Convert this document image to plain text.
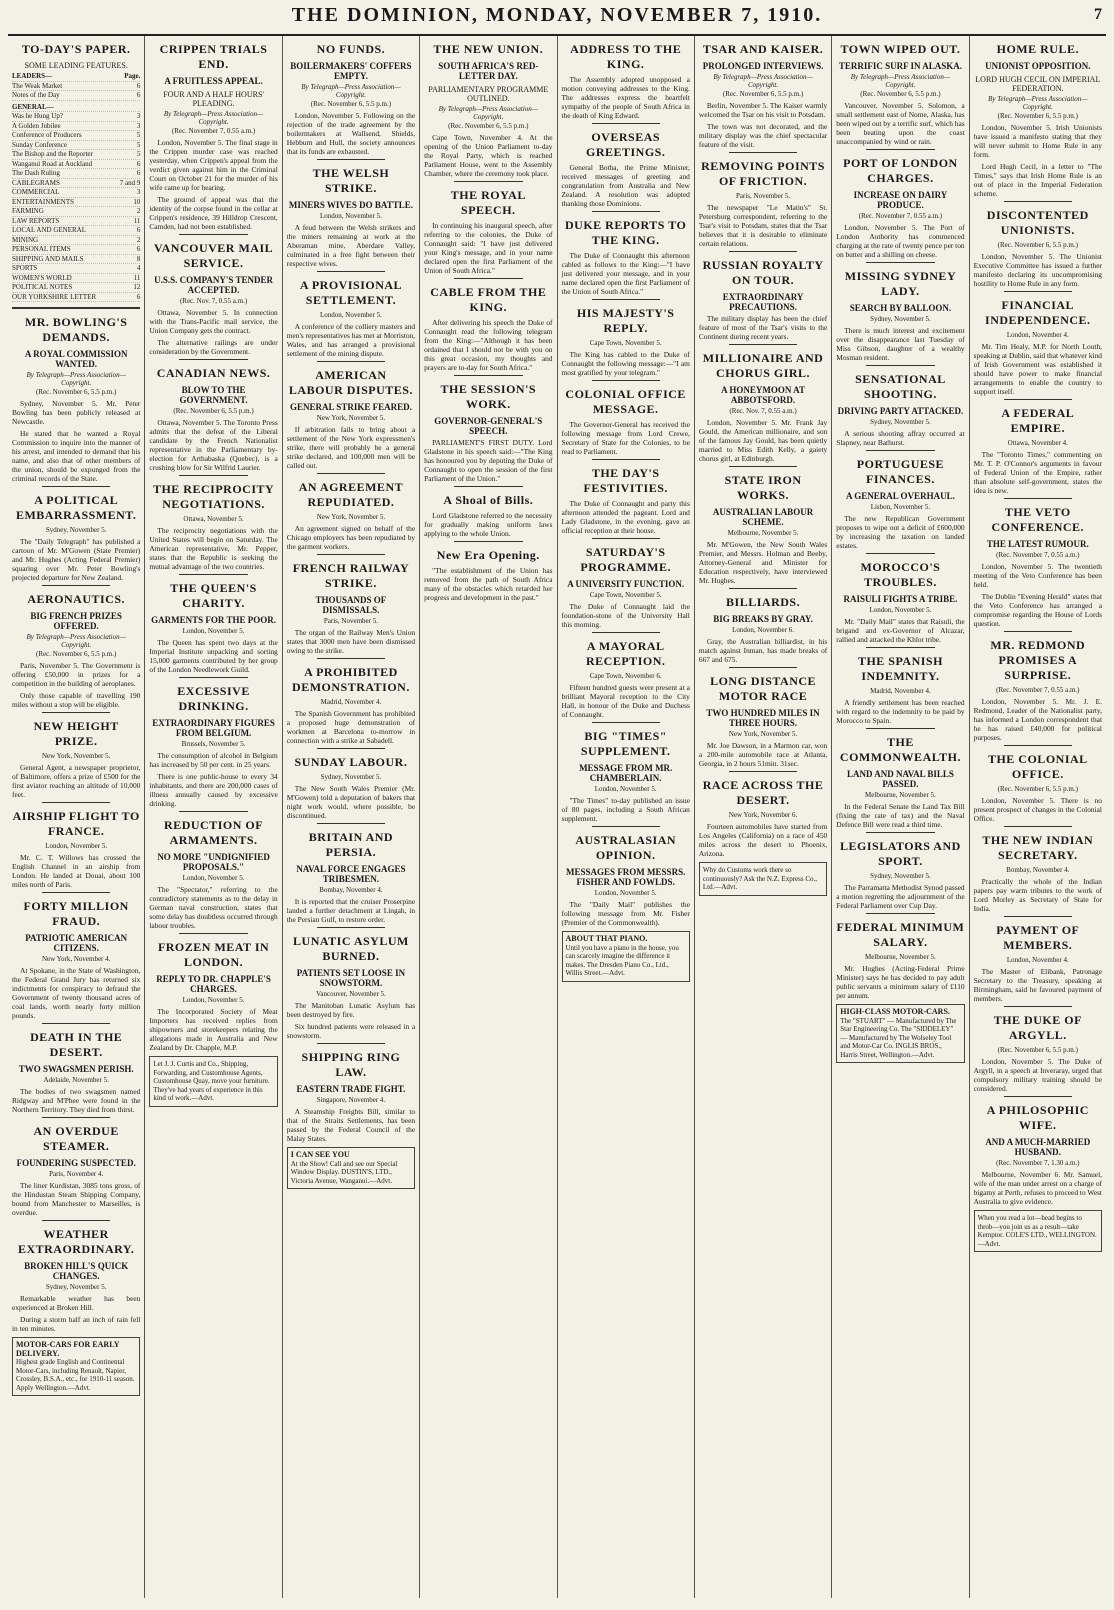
THE DOMINION, MONDAY, NOVEMBER 7, 1910.	7
TO-DAY'S PAPER.
SOME LEADING FEATURES.
LEADERS—	Page.
The Weak Market	6
Notes of the Day	6
GENERAL—
Was he Hung Up?	3
A Golden Jubilee	3
Conference of Producers	5
Sunday Conference	5
The Bishop and the Reporter	5
Wanganui Road at Auckland	6
The Dash Ruling	6
CABLEGRAMS	7 and 9
COMMERCIAL	3
ENTERTAINMENTS	10
FARMING	2
LAW REPORTS	11
LOCAL AND GENERAL	6
MINING	2
PERSONAL ITEMS	6
SHIPPING AND MAILS	8
SPORTS	4
WOMEN'S WORLD	11
POLITICAL NOTES	12
OUR YORKSHIRE LETTER	6
MR. BOWLING'S DEMANDS.
A ROYAL COMMISSION WANTED.
By Telegraph—Press Association—Copyright.
(Rec. November 6, 5.5 p.m.)

Sydney, November 5. Mr. Peter Bowling has been publicly released at Newcastle.

He stated that he wanted a Royal Commission to inquire into the manner of his arrest, and intended to demand that his name, and also that of other members of the union, should be expunged from the criminal records of the State.

A POLITICAL EMBARRASSMENT.
Sydney, November 5.

The "Daily Telegraph" has published a cartoon of Mr. M'Gowen (State Premier) and Mr. Hughes (Acting Federal Premier) squaring over Mr. Peter Bowling's projected departure for New Zealand.

AERONAUTICS.
BIG FRENCH PRIZES OFFERED.
By Telegraph—Press Association—Copyright.
(Rec. November 6, 5.5 p.m.)

Paris, November 5. The Government is offering £50,000 in prizes for a competition in the building of aeroplanes.

Only those capable of travelling 190 miles without a stop will be eligible.

NEW HEIGHT PRIZE.
New York, November 5.

General Agent, a newspaper proprietor, of Baltimore, offers a prize of £500 for the first aviator reaching an altitude of 10,000 feet.

AIRSHIP FLIGHT TO FRANCE.
London, November 5.

Mr. C. T. Willows has crossed the English Channel in an airship from London. He landed at Douai, about 100 miles north of Paris.

FORTY MILLION FRAUD.
PATRIOTIC AMERICAN CITIZENS.
New York, November 4.

At Spokane, in the State of Washington, the Federal Grand Jury has returned six indictments for conspiracy to defraud the Government of twenty thousand acres of coal lands, worth nearly forty million pounds.

DEATH IN THE DESERT.
TWO SWAGSMEN PERISH.
Adelaide, November 5.

The bodies of two swagsmen named Ridgway and M'Phee were found in the Northern Territory. They died from thirst.

AN OVERDUE STEAMER.
FOUNDERING SUSPECTED.
Paris, November 4.

The liner Kurdistan, 3085 tons gross, of the Hindustan Steam Shipping Company, bound from Manchester to Marseilles, is overdue.

WEATHER EXTRAORDINARY.
BROKEN HILL'S QUICK CHANGES.
Sydney, November 5.

Remarkable weather has been experienced at Broken Hill.

During a storm half an inch of rain fell in ten minutes.

MOTOR-CARS FOR EARLY DELIVERY.
Highest grade English and Continental Motor-Cars, including Renault, Napier, Crossley, B.S.A., etc., for 1910-11 season. Apply Wellington.—Advt.
CRIPPEN TRIALS END.
A FRUITLESS APPEAL.
FOUR AND A HALF HOURS' PLEADING.
By Telegraph—Press Association—Copyright.
(Rec. November 7, 0.55 a.m.)

London, November 5. The final stage in the Crippen murder case was reached yesterday, when Crippen's appeal from the verdict given against him in the Criminal Court on October 21 for the murder of his wife came up for hearing.

The ground of appeal was that the identity of the corpse found in the cellar at Crippen's residence, 39 Hilldrop Crescent, Camden, had not been established.

VANCOUVER MAIL SERVICE.
U.S.S. COMPANY'S TENDER ACCEPTED.
(Rec. Nov. 7, 0.55 a.m.)

Ottawa, November 5. In connection with the Trans-Pacific mail service, the Union Company gets the contract.

The alternative railings are under consideration by the Government.

CANADIAN NEWS.
BLOW TO THE GOVERNMENT.
(Rec. November 6, 5.5 p.m.)

Ottawa, November 5. The Toronto Press admits that the defeat of the Liberal candidate by the French Nationalist representative in the Parliamentary by-election for Arthabaska (Quebec), is a crushing blow for Sir Wilfrid Laurier.

THE RECIPROCITY NEGOTIATIONS.
Ottawa, November 5.

The reciprocity negotiations with the United States will begin on Saturday. The American representative, Mr. Pepper, states that the Republic is seeking the mutual advantage of the two countries.

THE QUEEN'S CHARITY.
GARMENTS FOR THE POOR.
London, November 5.

The Queen has spent two days at the Imperial Institute unpacking and sorting 15,000 garments contributed by her group of the London Needlework Guild.

EXCESSIVE DRINKING.
EXTRAORDINARY FIGURES FROM BELGIUM.
Brussels, November 5.

The consumption of alcohol in Belgium has increased by 50 per cent. in 25 years.

There is one public-house to every 34 inhabitants, and there are 200,000 cases of illness annually caused by excessive drinking.

REDUCTION OF ARMAMENTS.
NO MORE "UNDIGNIFIED PROPOSALS."
London, November 5.

The "Spectator," referring to the contradictory statements as to the delay in German naval construction, states that some delay has doubtless occurred through labour troubles.

FROZEN MEAT IN LONDON.
REPLY TO DR. CHAPPLE'S CHARGES.
London, November 5.

The Incorporated Society of Meat Importers has received replies from shipowners and storekeepers relating the allegations made in Australia and New Zealand by Dr. Chapple, M.P.

Let J. J. Curtis and Co., Shipping, Forwarding, and Customhouse Agents, Customhouse Quay, move your furniture. They've had years of experience in this kind of work.—Advt.
NO FUNDS.
BOILERMAKERS' COFFERS EMPTY.
By Telegraph—Press Association—Copyright.
(Rec. November 6, 5.5 p.m.)

London, November 5. Following on the rejection of the trade agreement by the boilermakers at Wallsend, Shields, Hebburn and Hull, the society announces that its funds are exhausted.

THE WELSH STRIKE.
MINERS WIVES DO BATTLE.
London, November 5.

A feud between the Welsh strikers and the miners remaining at work at the Aberaman mine, Aberdare Valley, culminated in a free fight between their respective wives.

A PROVISIONAL SETTLEMENT.
London, November 5.

A conference of the colliery masters and men's representatives has met at Morriston, Wales, and has arranged a provisional settlement of the mining dispute.

AMERICAN LABOUR DISPUTES.
GENERAL STRIKE FEARED.
New York, November 5.

If arbitration fails to bring about a settlement of the New York expressmen's strike, there will probably be a general strike declared, and 100,000 men will be called out.

AN AGREEMENT REPUDIATED.
New York, November 5.

An agreement signed on behalf of the Chicago employers has been repudiated by the garment workers.

FRENCH RAILWAY STRIKE.
THOUSANDS OF DISMISSALS.
Paris, November 5.

The organ of the Railway Men's Union states that 3000 men have been dismissed owing to the strike.

A PROHIBITED DEMONSTRATION.
Madrid, November 4.

The Spanish Government has prohibited a proposed huge demonstration of workmen at Barcelona to-morrow in connection with a strike at Sabadell.

SUNDAY LABOUR.
Sydney, November 5.

The New South Wales Premier (Mr. M'Gowen) told a deputation of bakers that night work would, where possible, be discontinued.

BRITAIN AND PERSIA.
NAVAL FORCE ENGAGES TRIBESMEN.
Bombay, November 4.

It is reported that the cruiser Proserpine landed a further detachment at Lingah, in the Persian Gulf, to restore order.

LUNATIC ASYLUM BURNED.
PATIENTS SET LOOSE IN SNOWSTORM.
Vancouver, November 5.

The Manitoban Lunatic Asylum has been destroyed by fire.

Six hundred patients were released in a snowstorm.

SHIPPING RING LAW.
EASTERN TRADE FIGHT.
Singapore, November 4.

A Steamship Freights Bill, similar to that of the Straits Settlements, has been passed by the Federal Council of the Malay States.

I CAN SEE YOU
At the Show! Call and see our Special Window Display. DUSTIN'S, LTD., Victoria Avenue, Wanganui.—Advt.
THE NEW UNION.
SOUTH AFRICA'S RED-LETTER DAY.
PARLIAMENTARY PROGRAMME OUTLINED.
By Telegraph—Press Association—Copyright.
(Rec. November 6, 5.5 p.m.)

Cape Town, November 4. At the opening of the Union Parliament to-day the Royal Party, which is reached Parliament House, went to the Assembly Chamber, where the ceremony took place.

THE ROYAL SPEECH.

In continuing his inaugural speech, after referring to the colonies, the Duke of Connaught said: "I have just delivered your King's message, and in your name declared open the first Parliament of the Union of South Africa."

CABLE FROM THE KING.

After delivering his speech the Duke of Connaught read the following telegram from the King:—"Although it has been ordained that I should not be with you on this great occasion, my thoughts and prayers are to-day for South Africa."

THE SESSION'S WORK.
GOVERNOR-GENERAL'S SPEECH.

PARLIAMENT'S FIRST DUTY. Lord Gladstone in his speech said:—"The King has honoured you by deputing the Duke of Connaught to open the session of the first Parliament of the Union."

A Shoal of Bills.

Lord Gladstone referred to the necessity for gradually making uniform laws applying to the whole Union.

New Era Opening.

"The establishment of the Union has removed from the path of South Africa many of the obstacles which retarded her progress and development in the past."

ADDRESS TO THE KING.

The Assembly adopted unopposed a motion conveying addresses to the King. The addresses express the heartfelt sympathy of the people of South Africa in the death of King Edward.

OVERSEAS GREETINGS.

General Botha, the Prime Minister, received messages of greeting and congratulation from Australia and New Zealand. A resolution was adopted thanking those Dominions.

DUKE REPORTS TO THE KING.

The Duke of Connaught this afternoon cabled as follows to the King:—"I have just delivered your message, and in your name declared open the first Parliament of the Union of South Africa."

HIS MAJESTY'S REPLY.
Cape Town, November 5.

The King has cabled to the Duke of Connaught the following message:—"I am most gratified by your telegram."

COLONIAL OFFICE MESSAGE.

The Governor-General has received the following message from Lord Crewe, Secretary of State for the Colonies, to be read to Parliament.

THE DAY'S FESTIVITIES.

The Duke of Connaught and party this afternoon attended the pageant. Lord and Lady Gladstone, in the evening, gave an official reception at their house.

SATURDAY'S PROGRAMME.
A UNIVERSITY FUNCTION.
Cape Town, November 5.

The Duke of Connaught laid the foundation-stone of the University Hall this morning.

A MAYORAL RECEPTION.
Cape Town, November 6.

Fifteen hundred guests were present at a brilliant Mayoral reception to the City Hall, in honour of the Duke and Duchess of Connaught.

BIG "TIMES" SUPPLEMENT.
MESSAGE FROM MR. CHAMBERLAIN.
London, November 5.

"The Times" to-day published an issue of 80 pages, including a South African supplement.

AUSTRALASIAN OPINION.
MESSAGES FROM MESSRS. FISHER AND FOWLDS.
London, November 5.

The "Daily Mail" publishes the following message from Mr. Fisher (Premier of the Commonwealth).

ABOUT THAT PIANO.
Until you have a piano in the house, you can scarcely imagine the difference it makes. The Dresden Piano Co., Ltd., Willis Street.—Advt.
TSAR AND KAISER.
PROLONGED INTERVIEWS.
By Telegraph—Press Association—Copyright.
(Rec. November 6, 5.5 p.m.)

Berlin, November 5. The Kaiser warmly welcomed the Tsar on his visit to Potsdam.

The town was not decorated, and the military display was the chief spectacular feature of the visit.

REMOVING POINTS OF FRICTION.
Paris, November 5.

The newspaper "Le Matin's" St. Petersburg correspondent, referring to the Tsar's visit to Potsdam, states that the Tsar believes that it is desirable to eliminate certain relations.

RUSSIAN ROYALTY ON TOUR.
EXTRAORDINARY PRECAUTIONS.

The military display has been the chief feature of most of the Tsar's visits to the Continent during recent years.

MILLIONAIRE AND CHORUS GIRL.
A HONEYMOON AT ABBOTSFORD.
(Rec. Nov. 7, 0.55 a.m.)

London, November 5. Mr. Frank Jay Gould, the American millionaire, and son of the famous Jay Gould, has been quietly married to Miss Edith Kelly, a gaiety chorus girl, at Edinburgh.

STATE IRON WORKS.
AUSTRALIAN LABOUR SCHEME.
Melbourne, November 5.

Mr. M'Gowen, the New South Wales Premier, and Messrs. Holman and Beeby, Attorney-General and Minister for Education respectively, have interviewed Mr. Hughes.

BILLIARDS.
BIG BREAKS BY GRAY.
London, November 6.

Gray, the Australian billiardist, in his match against Inman, has made breaks of 667 and 675.

LONG DISTANCE MOTOR RACE
TWO HUNDRED MILES IN THREE HOURS.
New York, November 5.

Mr. Joe Dawson, in a Marmon car, won a 200-mile automobile race at Atlanta, Georgia, in 2 hours 51min. 31sec.

RACE ACROSS THE DESERT.
New York, November 6.

Fourteen automobiles have started from Los Angeles (California) on a race of 450 miles across the desert to Phoenix, Arizona.

Why do Customs work there so continuously? Ask the N.Z. Express Co., Ltd.—Advt.
TOWN WIPED OUT.
TERRIFIC SURF IN ALASKA.
By Telegraph—Press Association—Copyright.
(Rec. November 6, 5.5 p.m.)

Vancouver, November 5. Solomon, a small settlement east of Nome, Alaska, has been wiped out by a terrific surf, which has been beating upon the coast unaccompanied by wind or rain.

PORT OF LONDON CHARGES.
INCREASE ON DAIRY PRODUCE.
(Rec. November 7, 0.55 a.m.)

London, November 5. The Port of London Authority has commenced charging at the rate of twenty pence per ton on butter and a shilling on cheese.

MISSING SYDNEY LADY.
SEARCH BY BALLOON.
Sydney, November 5.

There is much interest and excitement over the disappearance last Tuesday of Miss Gibson, daughter of a wealthy Mosman resident.

SENSATIONAL SHOOTING.
DRIVING PARTY ATTACKED.
Sydney, November 5.

A serious shooting affray occurred at Slapney, near Bathurst.

PORTUGUESE FINANCES.
A GENERAL OVERHAUL.
Lisbon, November 5.

The new Republican Government proposes to wipe out a deficit of £600,000 by increasing the taxation on landed estates.

MOROCCO'S TROUBLES.
RAISULI FIGHTS A TRIBE.
London, November 5.

Mr. "Daily Mail" states that Raisuli, the brigand and ex-Governor of Alcazar, rallied and attacked the Khlot tribe.

THE SPANISH INDEMNITY.
Madrid, November 4.

A friendly settlement has been reached with regard to the indemnity to be paid by Morocco to Spain.

THE COMMONWEALTH.
LAND AND NAVAL BILLS PASSED.
Melbourne, November 5.

In the Federal Senate the Land Tax Bill (fixing the rate of tax) and the Naval Defence Bill were read a third time.

LEGISLATORS AND SPORT.
Sydney, November 5.

The Parramatta Methodist Synod passed a motion regretting the adjournment of the Federal Parliament over Cup Day.

FEDERAL MINIMUM SALARY.
Melbourne, November 5.

Mr. Hughes (Acting-Federal Prime Minister) says he has decided to pay adult public servants a minimum salary of £110 per annum.

HIGH-CLASS MOTOR-CARS.
The "STUART" — Manufactured by The Star Engineering Co. The "SIDDELEY" — Manufactured by The Wolseley Tool and Motor-Car Co. INGLIS BROS., Harris Street, Wellington.—Advt.
HOME RULE.
UNIONIST OPPOSITION.
LORD HUGH CECIL ON IMPERIAL FEDERATION.
By Telegraph—Press Association—Copyright.
(Rec. November 6, 5.5 p.m.)

London, November 5. Irish Unionists have issued a manifesto stating that they will never submit to Home Rule in any form.

Lord Hugh Cecil, in a letter to "The Times," says that Irish Home Rule is an out of place in the Imperial Federation scheme.

DISCONTENTED UNIONISTS.
(Rec. November 6, 5.5 p.m.)

London, November 5. The Unionist Executive Committee has issued a further manifesto declaring its uncompromising hostility to Home Rule in any form.

FINANCIAL INDEPENDENCE.
London, November 4.

Mr. Tim Healy, M.P. for North Louth, speaking at Dublin, said that whatever kind of Irish Government was established it should have power to make financial arrangements to enable the country to support itself.

A FEDERAL EMPIRE.
Ottawa, November 4.

The "Toronto Times," commenting on Mr. T. P. O'Connor's arguments in favour of Federal Union of the Empire, rather than absolute self-government, states the idea is new.

THE VETO CONFERENCE.
THE LATEST RUMOUR.
(Rec. November 7, 0.55 a.m.)

London, November 5. The twentieth meeting of the Veto Conference has been held.

The Dublin "Evening Herald" states that the Veto Conference has arranged a compromise regarding the House of Lords question.

MR. REDMOND PROMISES A SURPRISE.
(Rec. November 7, 0.55 a.m.)

London, November 5. Mr. J. E. Redmond, Leader of the Nationalist party, has informed a London correspondent that he has raised £40,000 for political purposes.

THE COLONIAL OFFICE.
(Rec. November 6, 5.5 p.m.)

London, November 5. There is no present prospect of changes in the Colonial Office.

THE NEW INDIAN SECRETARY.
Bombay, November 4.

Practically the whole of the Indian papers pay warm tributes to the work of Lord Morley as Secretary of State for India.

PAYMENT OF MEMBERS.
London, November 4.

The Master of Elibank, Patronage Secretary to the Treasury, speaking at Birmingham, said he favoured payment of members.

THE DUKE OF ARGYLL.
(Rec. November 6, 5.5 p.m.)

London, November 5. The Duke of Argyll, in a speech at Inveraray, urged that compulsory military training should be considered.

A PHILOSOPHIC WIFE.
AND A MUCH-MARRIED HUSBAND.
(Rec. November 7, 1.30 a.m.)

Melbourne, November 6. Mr. Samuel, wife of the man under arrest on a charge of bigamy at Perth, refuses to proceed to West Australia to give evidence.

When you read a lot—head begins to throb—you join us as a result—take Kemptor. COLE'S LTD., WELLINGTON.—Advt.
